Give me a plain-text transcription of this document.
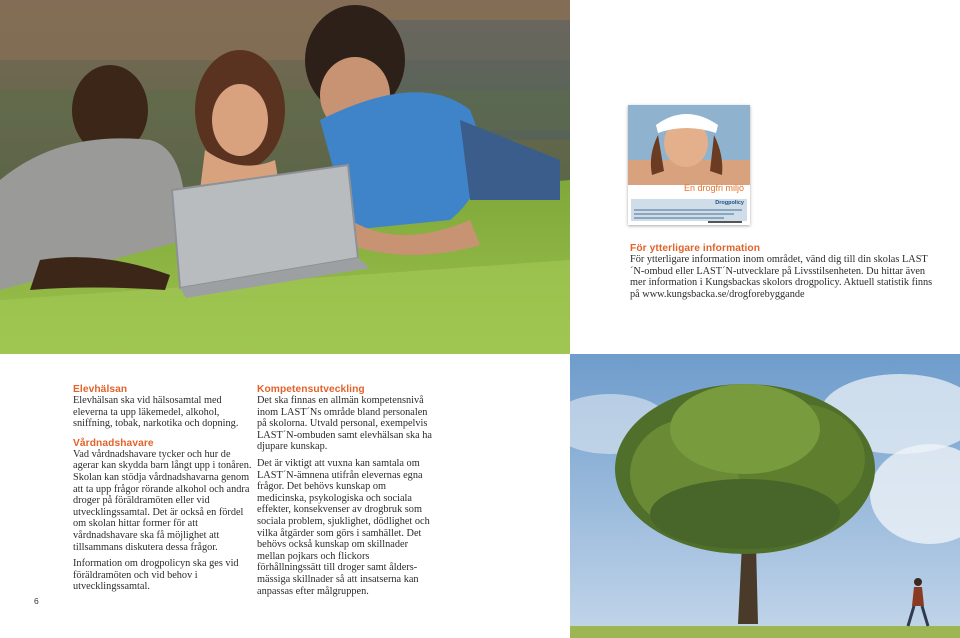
En drogfri miljö
Drogpolicy

För ytterligare information

För ytterligare information inom området, vänd dig till din skolas LAST´N-ombud eller LAST´N-utvecklare på Livsstilsenheten. Du hittar även mer information i Kungsbackas skolors drogpolicy. Aktuell statistik finns på www.kungsbacka.se/drogforebyggande

Elevhälsan

Elevhälsan ska vid hälsosamtal med eleverna ta upp läkemedel, alkohol, sniffning, tobak, narkotika och dopning.

Vårdnadshavare

Vad vårdnadshavare tycker och hur de agerar kan skydda barn långt upp i tonåren. Skolan kan stödja vårdnadshavarna genom att ta upp frågor rörande alkohol och andra droger på föräldramöten eller vid utvecklingssamtal. Det är också en fördel om skolan hittar former för att vårdnadshavare ska få möjlighet att tillsammans diskutera dessa frågor.

Information om drogpolicyn ska ges vid föräldramöten och vid behov i utvecklingssamtal.

Kompetensutveckling

Det ska finnas en allmän kompetensnivå inom LAST´Ns område bland personalen på skolorna. Utvald personal, exempelvis LAST´N-ombuden samt elevhälsan ska ha djupare kunskap.

Det är viktigt att vuxna kan samtala om LAST´N-ämnena utifrån elevernas egna frågor. Det behövs kunskap om medicinska, psykologiska och sociala effekter, konsekvenser av drogbruk som sociala problem, sjuklighet, dödlighet och vilka åtgärder som görs i samhället. Det behövs också kunskap om skillnader mellan pojkars och flickors förhållningssätt till droger samt åldersmässiga skillnader så att insatserna kan anpassas efter målgruppen.

6
